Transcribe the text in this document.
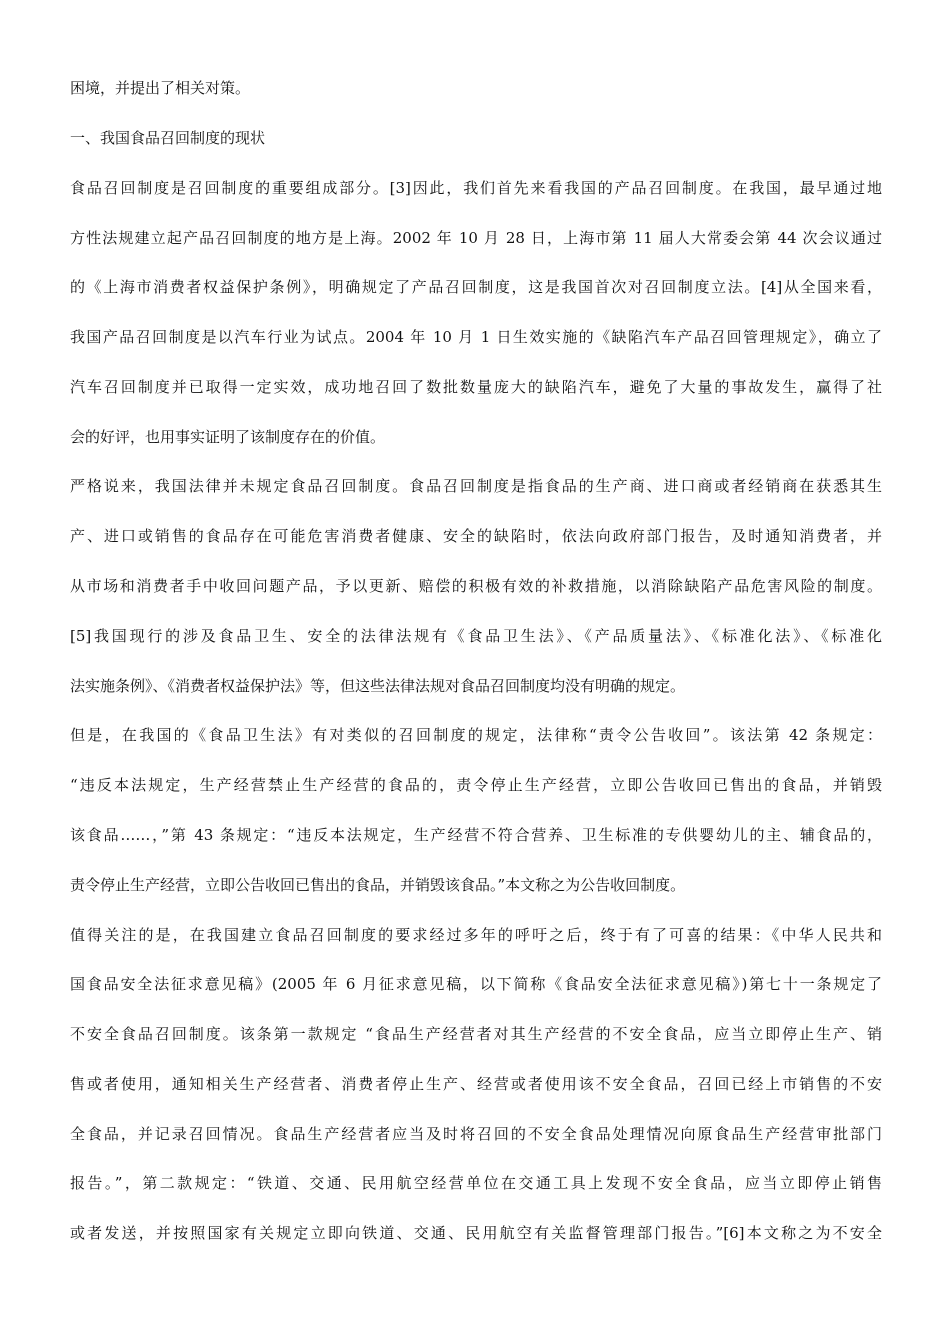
困境，并提出了相关对策。
一、我国食品召回制度的现状
食品召回制度是召回制度的重要组成部分。[3]因此，我们首先来看我国的产品召回制度。在我国，最早通过地
方性法规建立起产品召回制度的地方是上海。2002 年 10 月 28 日，上海市第 11 届人大常委会第 44 次会议通过
的《上海市消费者权益保护条例》，明确规定了产品召回制度，这是我国首次对召回制度立法。[4]从全国来看，
我国产品召回制度是以汽车行业为试点。2004 年 10 月 1 日生效实施的《缺陷汽车产品召回管理规定》，确立了
汽车召回制度并已取得一定实效，成功地召回了数批数量庞大的缺陷汽车，避免了大量的事故发生，赢得了社
会的好评，也用事实证明了该制度存在的价值。
严格说来，我国法律并未规定食品召回制度。食品召回制度是指食品的生产商、进口商或者经销商在获悉其生
产、进口或销售的食品存在可能危害消费者健康、安全的缺陷时，依法向政府部门报告，及时通知消费者，并
从市场和消费者手中收回问题产品，予以更新、赔偿的积极有效的补救措施，以消除缺陷产品危害风险的制度。
[5]我国现行的涉及食品卫生、安全的法律法规有《食品卫生法》、《产品质量法》、《标准化法》、《标准化
法实施条例》、《消费者权益保护法》等，但这些法律法规对食品召回制度均没有明确的规定。
但是，在我国的《食品卫生法》有对类似的召回制度的规定，法律称“责令公告收回”。该法第 42 条规定：
“违反本法规定，生产经营禁止生产经营的食品的，责令停止生产经营，立即公告收回已售出的食品，并销毁
该食品……，”第 43 条规定：“违反本法规定，生产经营不符合营养、卫生标准的专供婴幼儿的主、辅食品的，
责令停止生产经营，立即公告收回已售出的食品，并销毁该食品。”本文称之为公告收回制度。
值得关注的是，在我国建立食品召回制度的要求经过多年的呼吁之后，终于有了可喜的结果：《中华人民共和
国食品安全法征求意见稿》(2005 年 6 月征求意见稿，以下简称《食品安全法征求意见稿》)第七十一条规定了
不安全食品召回制度。该条第一款规定 “食品生产经营者对其生产经营的不安全食品，应当立即停止生产、销
售或者使用，通知相关生产经营者、消费者停止生产、经营或者使用该不安全食品，召回已经上市销售的不安
全食品，并记录召回情况。食品生产经营者应当及时将召回的不安全食品处理情况向原食品生产经营审批部门
报告。”，第二款规定：“铁道、交通、民用航空经营单位在交通工具上发现不安全食品，应当立即停止销售
或者发送，并按照国家有关规定立即向铁道、交通、民用航空有关监督管理部门报告。”[6]本文称之为不安全
